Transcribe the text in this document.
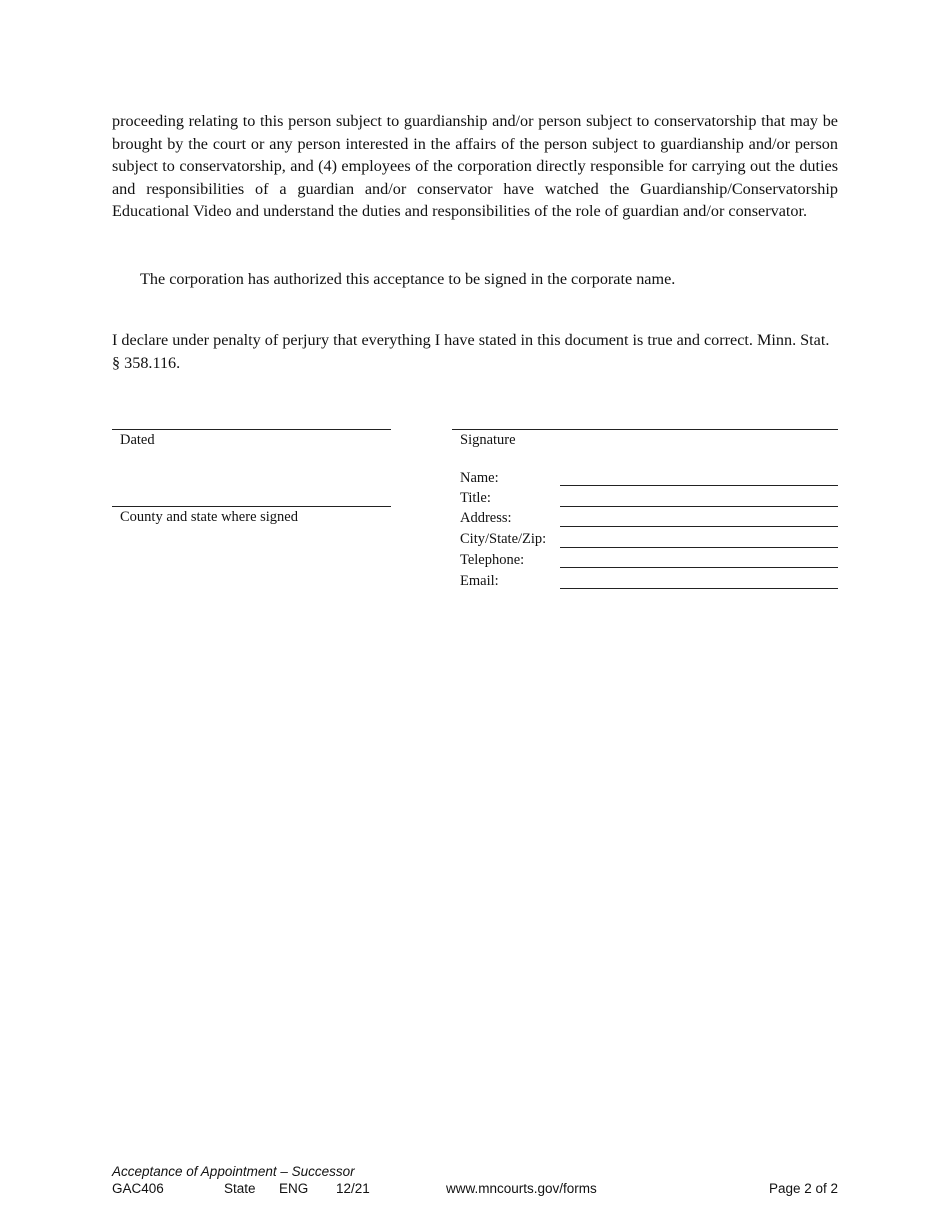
proceeding relating to this person subject to guardianship and/or person subject to conservatorship that may be brought by the court or any person interested in the affairs of the person subject to guardianship and/or person subject to conservatorship, and (4) employees of the corporation directly responsible for carrying out the duties and responsibilities of a guardian and/or conservator have watched the Guardianship/Conservatorship Educational Video and understand the duties and responsibilities of the role of guardian and/or conservator.

The corporation has authorized this acceptance to be signed in the corporate name.

I declare under penalty of perjury that everything I have stated in this document is true and correct. Minn. Stat. § 358.116.

Dated
County and state where signed
Signature
Name:
Title:
Address:
City/State/Zip:
Telephone:
Email:
Acceptance of Appointment – Successor
GAC406	State ENG 12/21	www.mncourts.gov/forms	Page 2 of 2
